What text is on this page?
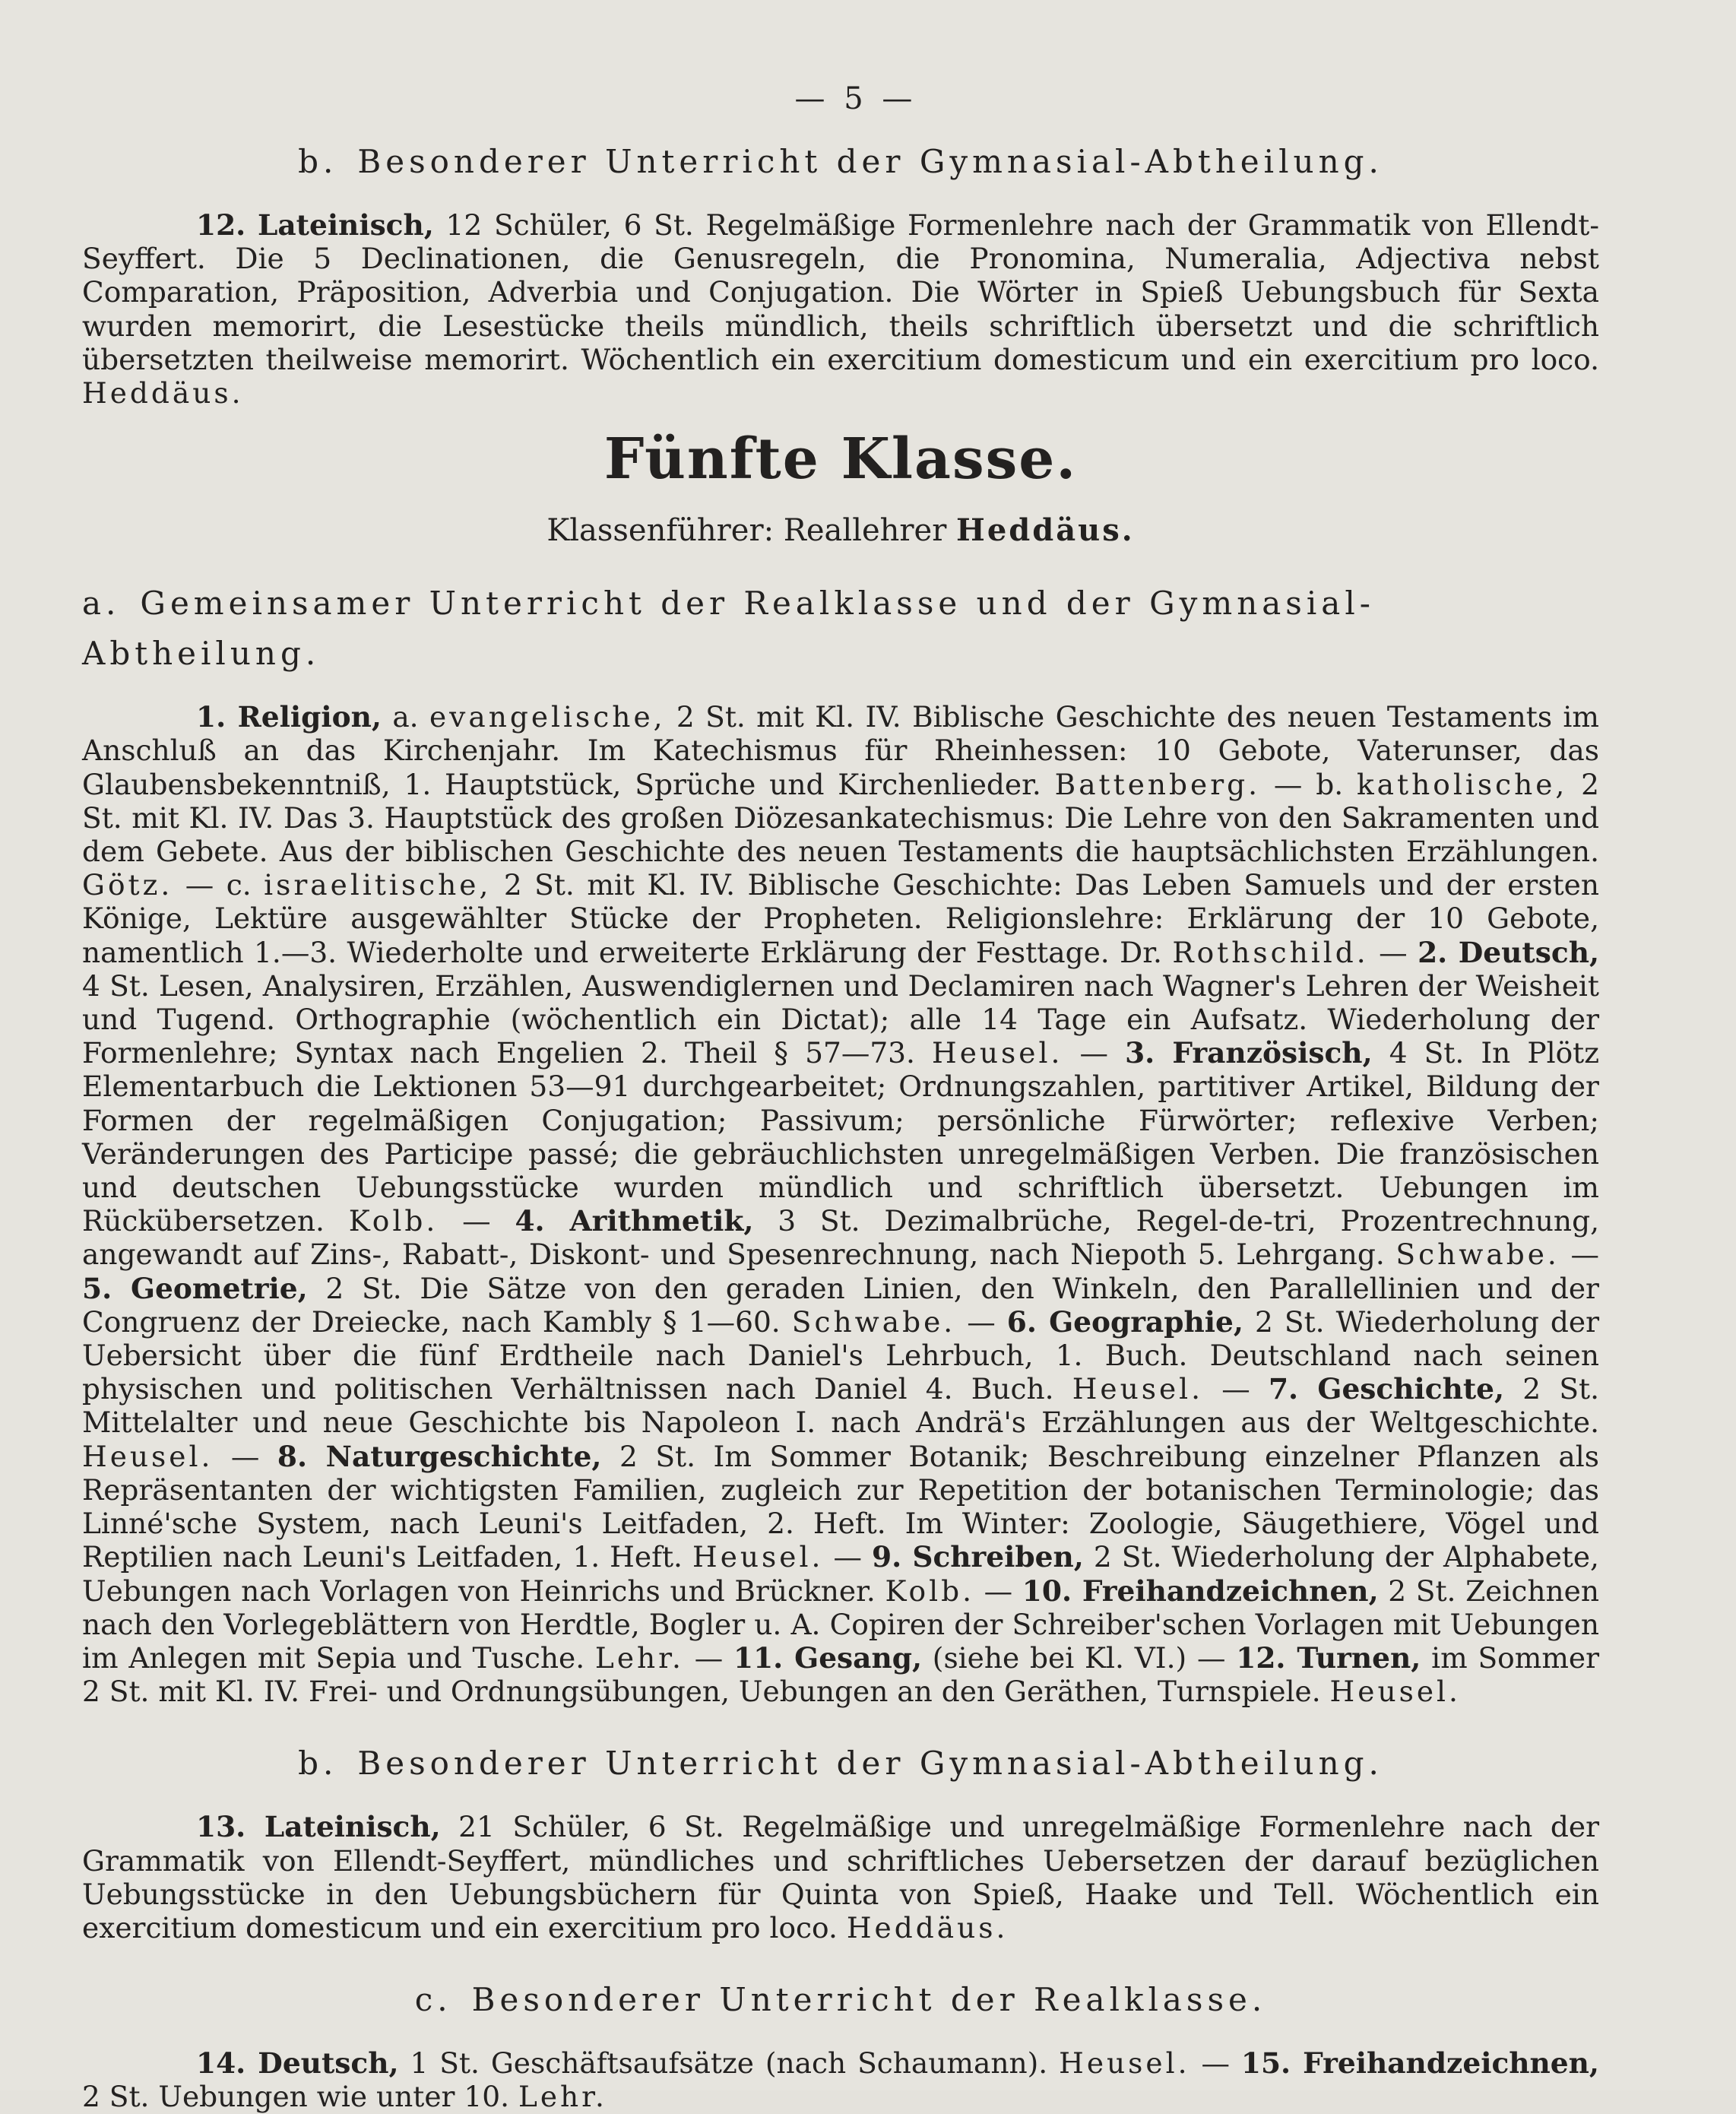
— 5 —
b. Besonderer Unterricht der Gymnasial-Abtheilung.

12. Lateinisch, 12 Schüler, 6 St. Regelmäßige Formenlehre nach der Grammatik von Ellendt-Seyffert. Die 5 Declinationen, die Genusregeln, die Pronomina, Numeralia, Adjectiva nebst Comparation, Präposition, Adverbia und Conjugation. Die Wörter in Spieß Uebungsbuch für Sexta wurden memorirt, die Lesestücke theils mündlich, theils schriftlich übersetzt und die schriftlich übersetzten theilweise memorirt. Wöchentlich ein exercitium domesticum und ein exercitium pro loco. Heddäus.

Fünfte Klasse.
Klassenführer: Reallehrer Heddäus.
a. Gemeinsamer Unterricht der Realklasse und der Gymnasial-Abtheilung.

1. Religion, a. evangelische, 2 St. mit Kl. IV. Biblische Geschichte des neuen Testaments im Anschluß an das Kirchenjahr. Im Katechismus für Rheinhessen: 10 Gebote, Vaterunser, das Glaubensbekenntniß, 1. Hauptstück, Sprüche und Kirchenlieder. Battenberg. — b. katholische, 2 St. mit Kl. IV. Das 3. Hauptstück des großen Diözesankatechismus: Die Lehre von den Sakramenten und dem Gebete. Aus der biblischen Geschichte des neuen Testaments die hauptsächlichsten Erzählungen. Götz. — c. israelitische, 2 St. mit Kl. IV. Biblische Geschichte: Das Leben Samuels und der ersten Könige, Lektüre ausgewählter Stücke der Propheten. Religionslehre: Erklärung der 10 Gebote, namentlich 1.—3. Wiederholte und erweiterte Erklärung der Festtage. Dr. Rothschild. — 2. Deutsch, 4 St. Lesen, Analysiren, Erzählen, Auswendiglernen und Declamiren nach Wagner's Lehren der Weisheit und Tugend. Orthographie (wöchentlich ein Dictat); alle 14 Tage ein Aufsatz. Wiederholung der Formenlehre; Syntax nach Engelien 2. Theil § 57—73. Heusel. — 3. Französisch, 4 St. In Plötz Elementarbuch die Lektionen 53—91 durchgearbeitet; Ordnungszahlen, partitiver Artikel, Bildung der Formen der regelmäßigen Conjugation; Passivum; persönliche Fürwörter; reflexive Verben; Veränderungen des Participe passé; die gebräuchlichsten unregelmäßigen Verben. Die französischen und deutschen Uebungsstücke wurden mündlich und schriftlich übersetzt. Uebungen im Rückübersetzen. Kolb. — 4. Arithmetik, 3 St. Dezimalbrüche, Regel-de-tri, Prozentrechnung, angewandt auf Zins-, Rabatt-, Diskont- und Spesenrechnung, nach Niepoth 5. Lehrgang. Schwabe. — 5. Geometrie, 2 St. Die Sätze von den geraden Linien, den Winkeln, den Parallellinien und der Congruenz der Dreiecke, nach Kambly § 1—60. Schwabe. — 6. Geographie, 2 St. Wiederholung der Uebersicht über die fünf Erdtheile nach Daniel's Lehrbuch, 1. Buch. Deutschland nach seinen physischen und politischen Verhältnissen nach Daniel 4. Buch. Heusel. — 7. Geschichte, 2 St. Mittelalter und neue Geschichte bis Napoleon I. nach Andrä's Erzählungen aus der Weltgeschichte. Heusel. — 8. Naturgeschichte, 2 St. Im Sommer Botanik; Beschreibung einzelner Pflanzen als Repräsentanten der wichtigsten Familien, zugleich zur Repetition der botanischen Terminologie; das Linné'sche System, nach Leuni's Leitfaden, 2. Heft. Im Winter: Zoologie, Säugethiere, Vögel und Reptilien nach Leuni's Leitfaden, 1. Heft. Heusel. — 9. Schreiben, 2 St. Wiederholung der Alphabete, Uebungen nach Vorlagen von Heinrichs und Brückner. Kolb. — 10. Freihandzeichnen, 2 St. Zeichnen nach den Vorlegeblättern von Herdtle, Bogler u. A. Copiren der Schreiber'schen Vorlagen mit Uebungen im Anlegen mit Sepia und Tusche. Lehr. — 11. Gesang, (siehe bei Kl. VI.) — 12. Turnen, im Sommer 2 St. mit Kl. IV. Frei- und Ordnungsübungen, Uebungen an den Geräthen, Turnspiele. Heusel.

b. Besonderer Unterricht der Gymnasial-Abtheilung.

13. Lateinisch, 21 Schüler, 6 St. Regelmäßige und unregelmäßige Formenlehre nach der Grammatik von Ellendt-Seyffert, mündliches und schriftliches Uebersetzen der darauf bezüglichen Uebungsstücke in den Uebungsbüchern für Quinta von Spieß, Haake und Tell. Wöchentlich ein exercitium domesticum und ein exercitium pro loco. Heddäus.

c. Besonderer Unterricht der Realklasse.

14. Deutsch, 1 St. Geschäftsaufsätze (nach Schaumann). Heusel. — 15. Freihandzeichnen, 2 St. Uebungen wie unter 10. Lehr.
